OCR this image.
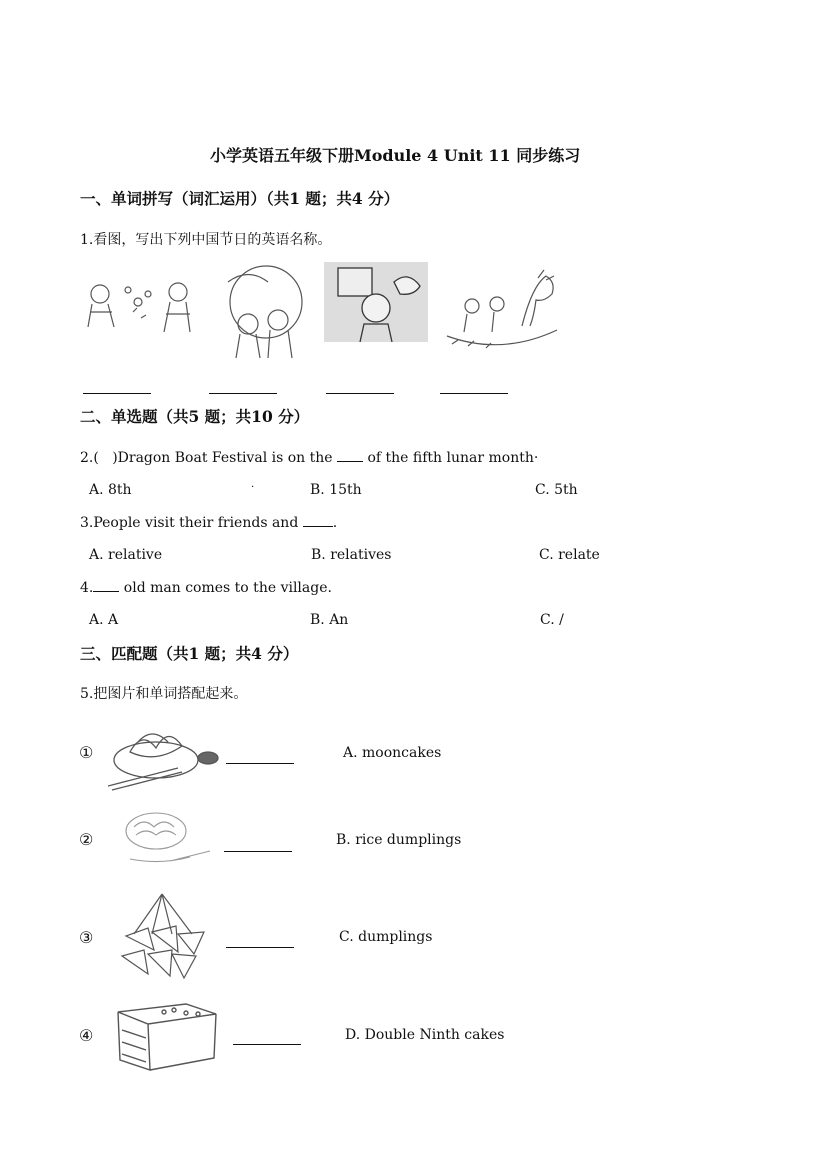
小学英语五年级下册Module 4 Unit 11 同步练习
一、单词拼写（词汇运用）（共1 题；共4 分）
1.看图，写出下列中国节日的英语名称。
二、单选题（共5 题；共10 分）
2.( )Dragon Boat Festival is on the  of the fifth lunar month·
A. 8th	·	B. 15th	C. 5th
3.People visit their friends and .
A. relative	B. relatives	C. relate
4. old man comes to the village.
A. A	B. An	C. /
三、匹配题（共1 题；共4 分）
5.把图片和单词搭配起来。
①	A. mooncakes
②	B. rice dumplings
③	C. dumplings
④	D. Double Ninth cakes
